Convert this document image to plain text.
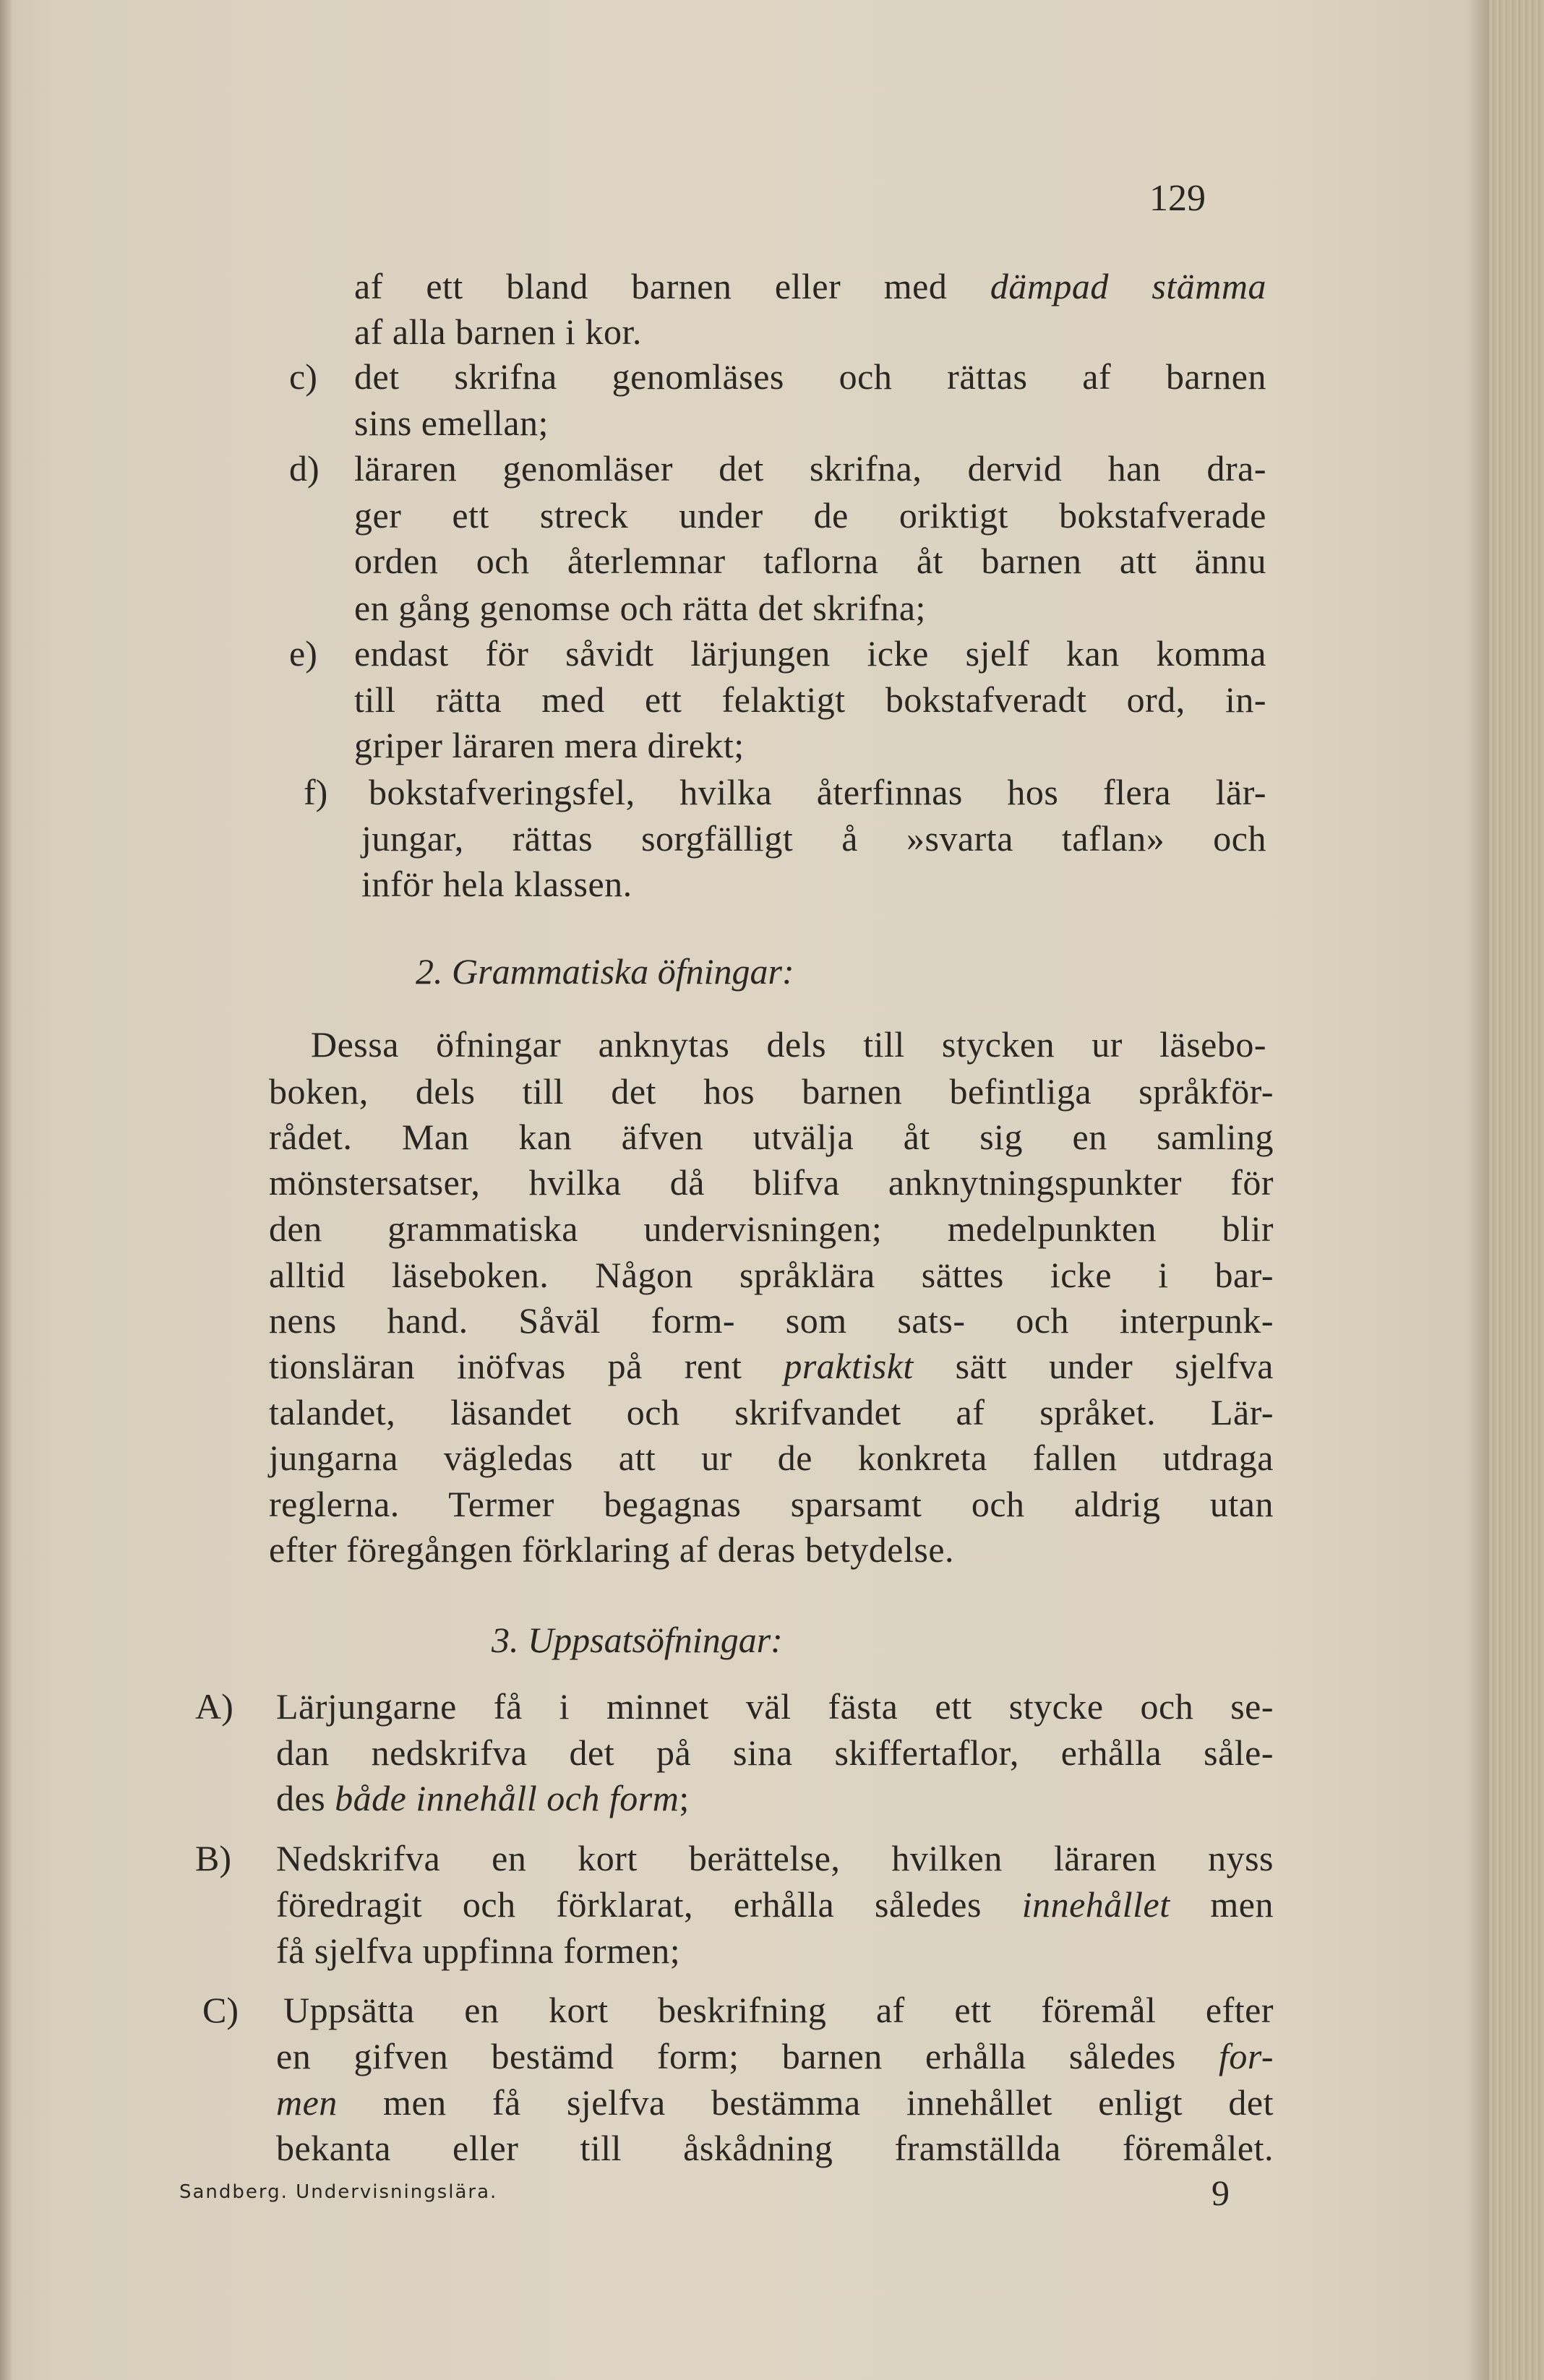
129
af ett bland barnen eller med dämpad stämma
af alla barnen i kor.
c) det skrifna genomläses och rättas af barnen
sins emellan;
d) läraren genomläser det skrifna, dervid han dra-
ger ett streck under de oriktigt bokstafverade
orden och återlemnar taflorna åt barnen att ännu
en gång genomse och rätta det skrifna;
e) endast för såvidt lärjungen icke sjelf kan komma
till rätta med ett felaktigt bokstafveradt ord, in-
griper läraren mera direkt;
f) bokstafveringsfel, hvilka återfinnas hos flera lär-
jungar, rättas sorgfälligt å »svarta taflan» och
inför hela klassen.
2. Grammatiska öfningar:
Dessa öfningar anknytas dels till stycken ur läsebo-
boken, dels till det hos barnen befintliga språkför-
rådet. Man kan äfven utvälja åt sig en samling
mönstersatser, hvilka då blifva anknytningspunkter för
den grammatiska undervisningen; medelpunkten blir
alltid läseboken. Någon språklära sättes icke i bar-
nens hand. Såväl form- som sats- och interpunk-
tionsläran inöfvas på rent praktiskt sätt under sjelfva
talandet, läsandet och skrifvandet af språket. Lär-
jungarna vägledas att ur de konkreta fallen utdraga
reglerna. Termer begagnas sparsamt och aldrig utan
efter föregången förklaring af deras betydelse.
3. Uppsatsöfningar:
A) Lärjungarne få i minnet väl fästa ett stycke och se-
dan nedskrifva det på sina skiffertaflor, erhålla såle-
des både innehåll och form;
B) Nedskrifva en kort berättelse, hvilken läraren nyss
föredragit och förklarat, erhålla således innehållet men
få sjelfva uppfinna formen;
C) Uppsätta en kort beskrifning af ett föremål efter
en gifven bestämd form; barnen erhålla således for-
men men få sjelfva bestämma innehållet enligt det
bekanta eller till åskådning framställda föremålet.
Sandberg. Undervisningslära.	9
